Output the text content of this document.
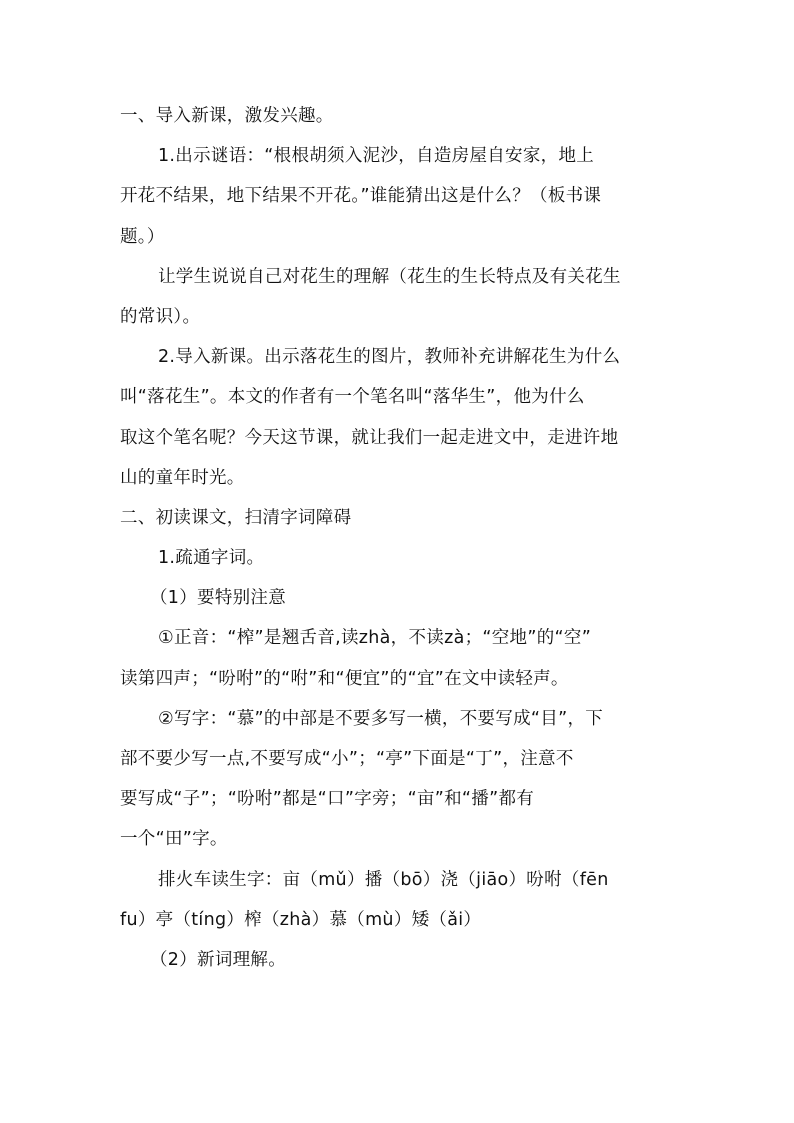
一、导入新课，激发兴趣。
1.出示谜语：“根根胡须入泥沙，自造房屋自安家，地上
开花不结果，地下结果不开花。”谁能猜出这是什么？（板书课
题。）
让学生说说自己对花生的理解（花生的生长特点及有关花生
的常识）。
2.导入新课。出示落花生的图片，教师补充讲解花生为什么
叫“落花生”。本文的作者有一个笔名叫“落华生”，他为什么
取这个笔名呢？今天这节课，就让我们一起走进文中，走进许地
山的童年时光。
二、初读课文，扫清字词障碍
1.疏通字词。
（1）要特别注意
①正音：“榨”是翘舌音,读zhà，不读zà；“空地”的“空”
读第四声；“吩咐”的“咐”和“便宜”的“宜”在文中读轻声。
②写字：“慕”的中部是不要多写一横，不要写成“目”，下
部不要少写一点,不要写成“小”；“亭”下面是“丁”，注意不
要写成“子”；“吩咐”都是“口”字旁；“亩”和“播”都有
一个“田”字。
排火车读生字：亩（mǔ）播（bō）浇（jiāo）吩咐（fēn
fu）亭（tíng）榨（zhà）慕（mù）矮（ǎi）
（2）新词理解。
